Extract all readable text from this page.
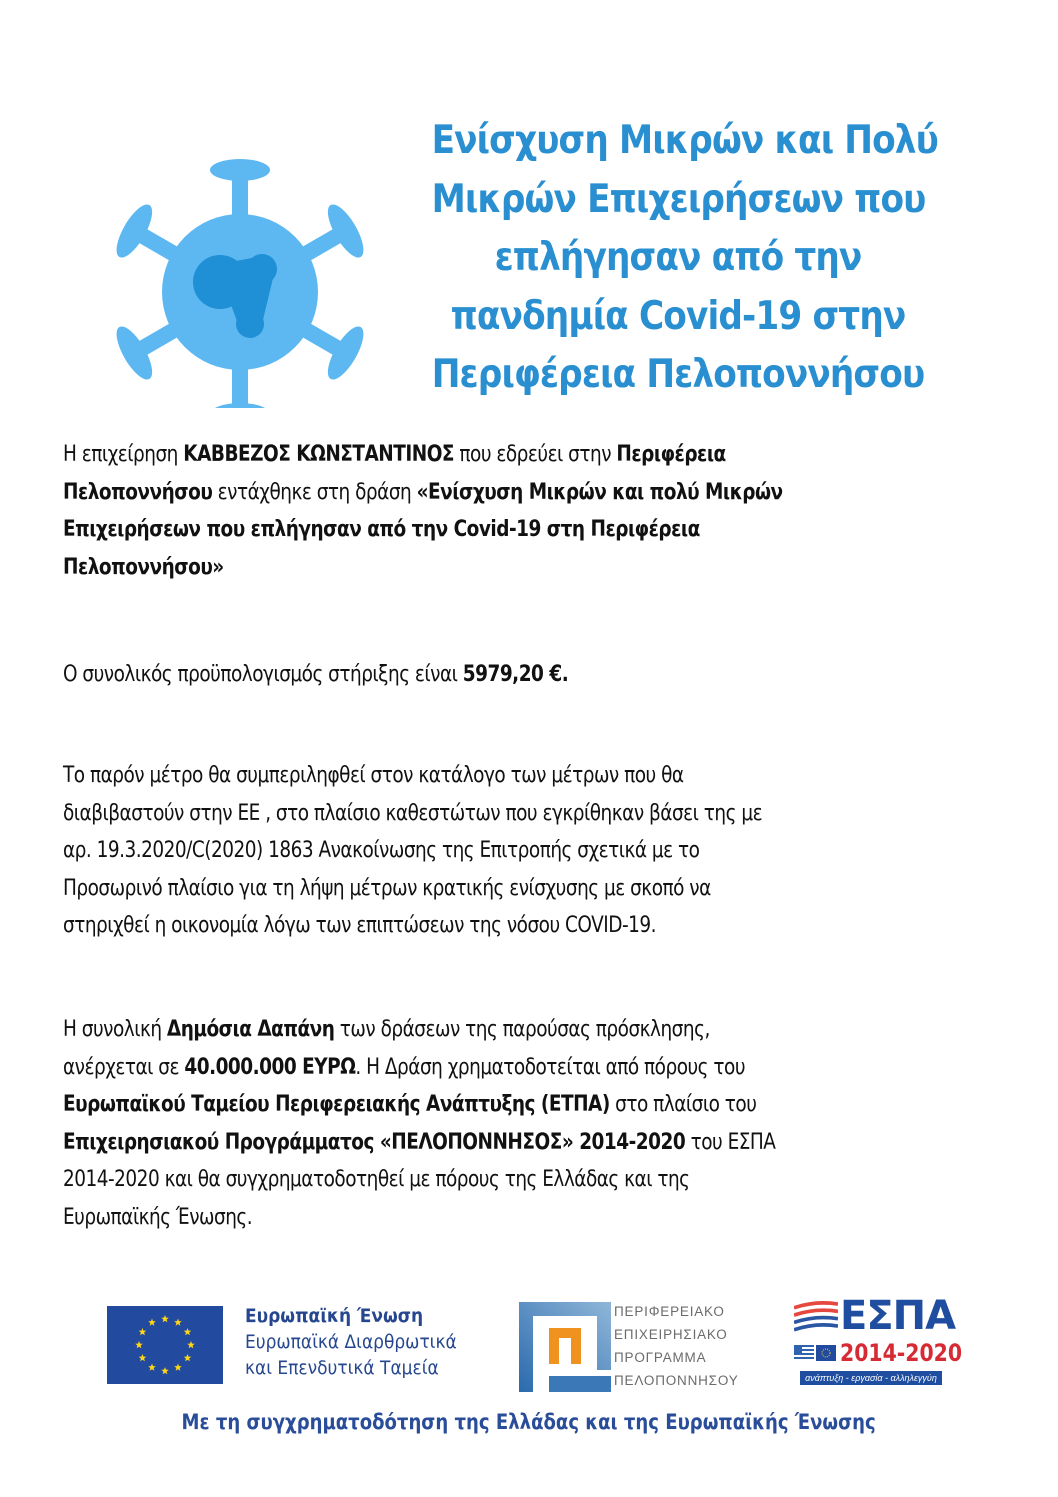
Ενίσχυση Μικρών και Πολύ
Μικρών Επιχειρήσεων που
επλήγησαν από την
πανδημία Covid-19 στην
Περιφέρεια Πελοποννήσου
Η επιχείρηση ΚΑΒΒΕΖΟΣ ΚΩΝΣΤΑΝΤΙΝΟΣ που εδρεύει στην Περιφέρεια
Πελοποννήσου εντάχθηκε στη δράση «Ενίσχυση Μικρών και πολύ Μικρών
Επιχειρήσεων που επλήγησαν από την Covid-19 στη Περιφέρεια
Πελοποννήσου»
Ο συνολικός προϋπολογισμός στήριξης είναι 5979,20 €.
Το παρόν μέτρο θα συμπεριληφθεί στον κατάλογο των μέτρων που θα
διαβιβαστούν στην ΕΕ , στο πλαίσιο καθεστώτων που εγκρίθηκαν βάσει της με
αρ. 19.3.2020/C(2020) 1863 Ανακοίνωσης της Επιτροπής σχετικά με το
Προσωρινό πλαίσιο για τη λήψη μέτρων κρατικής ενίσχυσης με σκοπό να
στηριχθεί η οικονομία λόγω των επιπτώσεων της νόσου COVID-19.
Η συνολική Δημόσια Δαπάνη των δράσεων της παρούσας πρόσκλησης,
ανέρχεται σε 40.000.000 ΕΥΡΩ. Η Δράση χρηματοδοτείται από πόρους του
Ευρωπαϊκού Ταμείου Περιφερειακής Ανάπτυξης (ΕΤΠΑ) στο πλαίσιο του
Επιχειρησιακού Προγράμματος «ΠΕΛΟΠΟΝΝΗΣΟΣ» 2014-2020 του ΕΣΠΑ
2014-2020 και θα συγχρηματοδοτηθεί με πόρους της Ελλάδας και της
Ευρωπαϊκής Ένωσης.
Ευρωπαϊκή Ένωση
Ευρωπαϊκά Διαρθρωτικά
και Επενδυτικά Ταμεία
ΠΕΡΙΦΕΡΕΙΑΚΟ
ΕΠΙΧΕΙΡΗΣΙΑΚΟ
ΠΡΟΓΡΑΜΜΑ
ΠΕΛΟΠΟΝΝΗΣΟΥ
ΕΣΠΑ
2014-2020
ανάπτυξη - εργασία - αλληλεγγύη
Με τη συγχρηματοδότηση της Ελλάδας και της Ευρωπαϊκής Ένωσης
